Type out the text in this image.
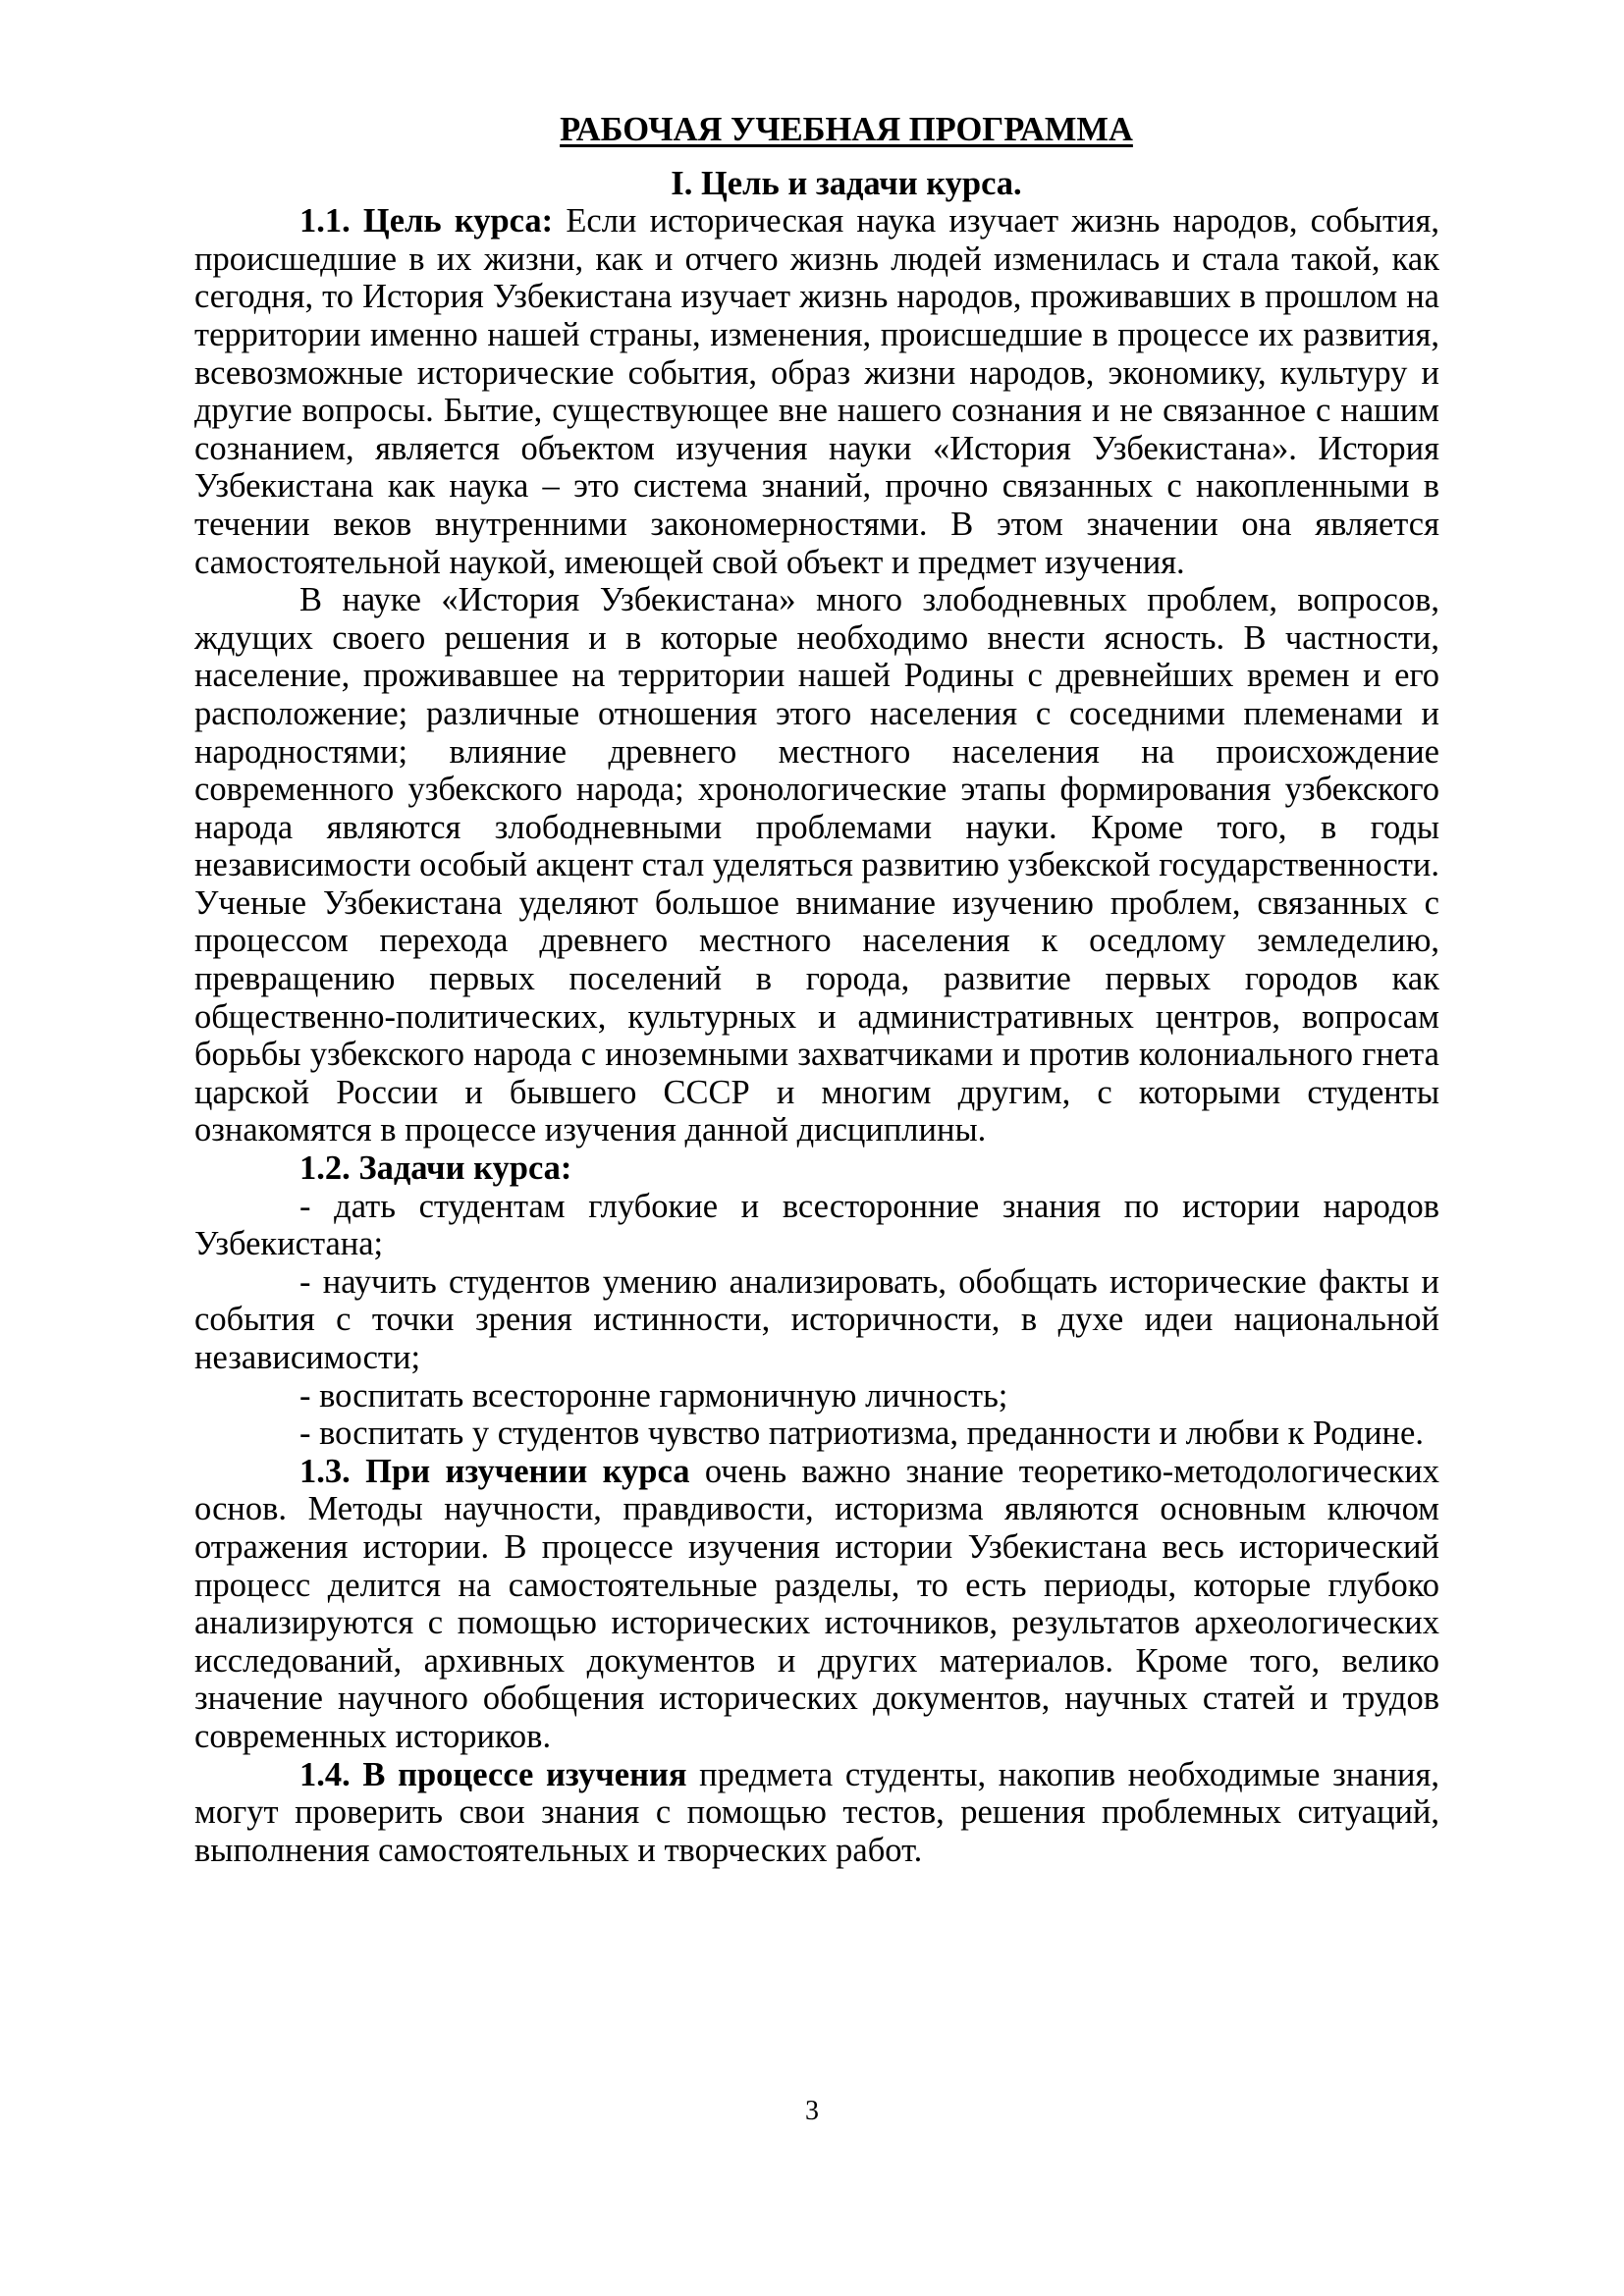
РАБОЧАЯ УЧЕБНАЯ ПРОГРАММА
I. Цель и задачи курса.

1.1. Цель курса: Если историческая наука изучает жизнь народов, события, происшедшие в их жизни, как и отчего жизнь людей изменилась и стала такой, как сегодня, то История Узбекистана изучает жизнь народов, проживавших в прошлом на территории именно нашей страны, изменения, происшедшие в процессе их развития, всевозможные исторические события, образ жизни народов, экономику, культуру и другие вопросы. Бытие, существующее вне нашего сознания и не связанное с нашим сознанием, является объектом изучения науки «История Узбекистана». История Узбекистана как наука – это система знаний, прочно связанных с накопленными в течении веков внутренними закономерностями. В этом значении она является самостоятельной наукой, имеющей свой объект и предмет изучения.

В науке «История Узбекистана» много злободневных проблем, вопросов, ждущих своего решения и в которые необходимо внести ясность. В частности, население, проживавшее на территории нашей Родины с древнейших времен и его расположение; различные отношения этого населения с соседними племенами и народностями; влияние древнего местного населения на происхождение современного узбекского народа; хронологические этапы формирования узбекского народа являются злободневными проблемами науки. Кроме того, в годы независимости особый акцент стал уделяться развитию узбекской государственности. Ученые Узбекистана уделяют большое внимание изучению проблем, связанных с процессом перехода древнего местного населения к оседлому земледелию, превращению первых поселений в города, развитие первых городов как общественно-политических, культурных и административных центров, вопросам борьбы узбекского народа с иноземными захватчиками и против колониального гнета царской России и бывшего СССР и многим другим, с которыми студенты ознакомятся в процессе изучения данной дисциплины.

1.2. Задачи курса:

- дать студентам глубокие и всесторонние знания по истории народов Узбекистана;

- научить студентов умению анализировать, обобщать исторические факты и события с точки зрения истинности, историчности, в духе идеи национальной независимости;

- воспитать всесторонне гармоничную личность;

- воспитать у студентов чувство патриотизма, преданности и любви к Родине.

1.3. При изучении курса очень важно знание теоретико-методологических основ. Методы научности, правдивости, историзма являются основным ключом отражения истории. В процессе изучения истории Узбекистана весь исторический процесс делится на самостоятельные разделы, то есть периоды, которые глубоко анализируются с помощью исторических источников, результатов археологических исследований, архивных документов и других материалов. Кроме того, велико значение научного обобщения исторических документов, научных статей и трудов современных историков.

1.4. В процессе изучения предмета студенты, накопив необходимые знания, могут проверить свои знания с помощью тестов, решения проблемных ситуаций, выполнения самостоятельных и творческих работ.

3
